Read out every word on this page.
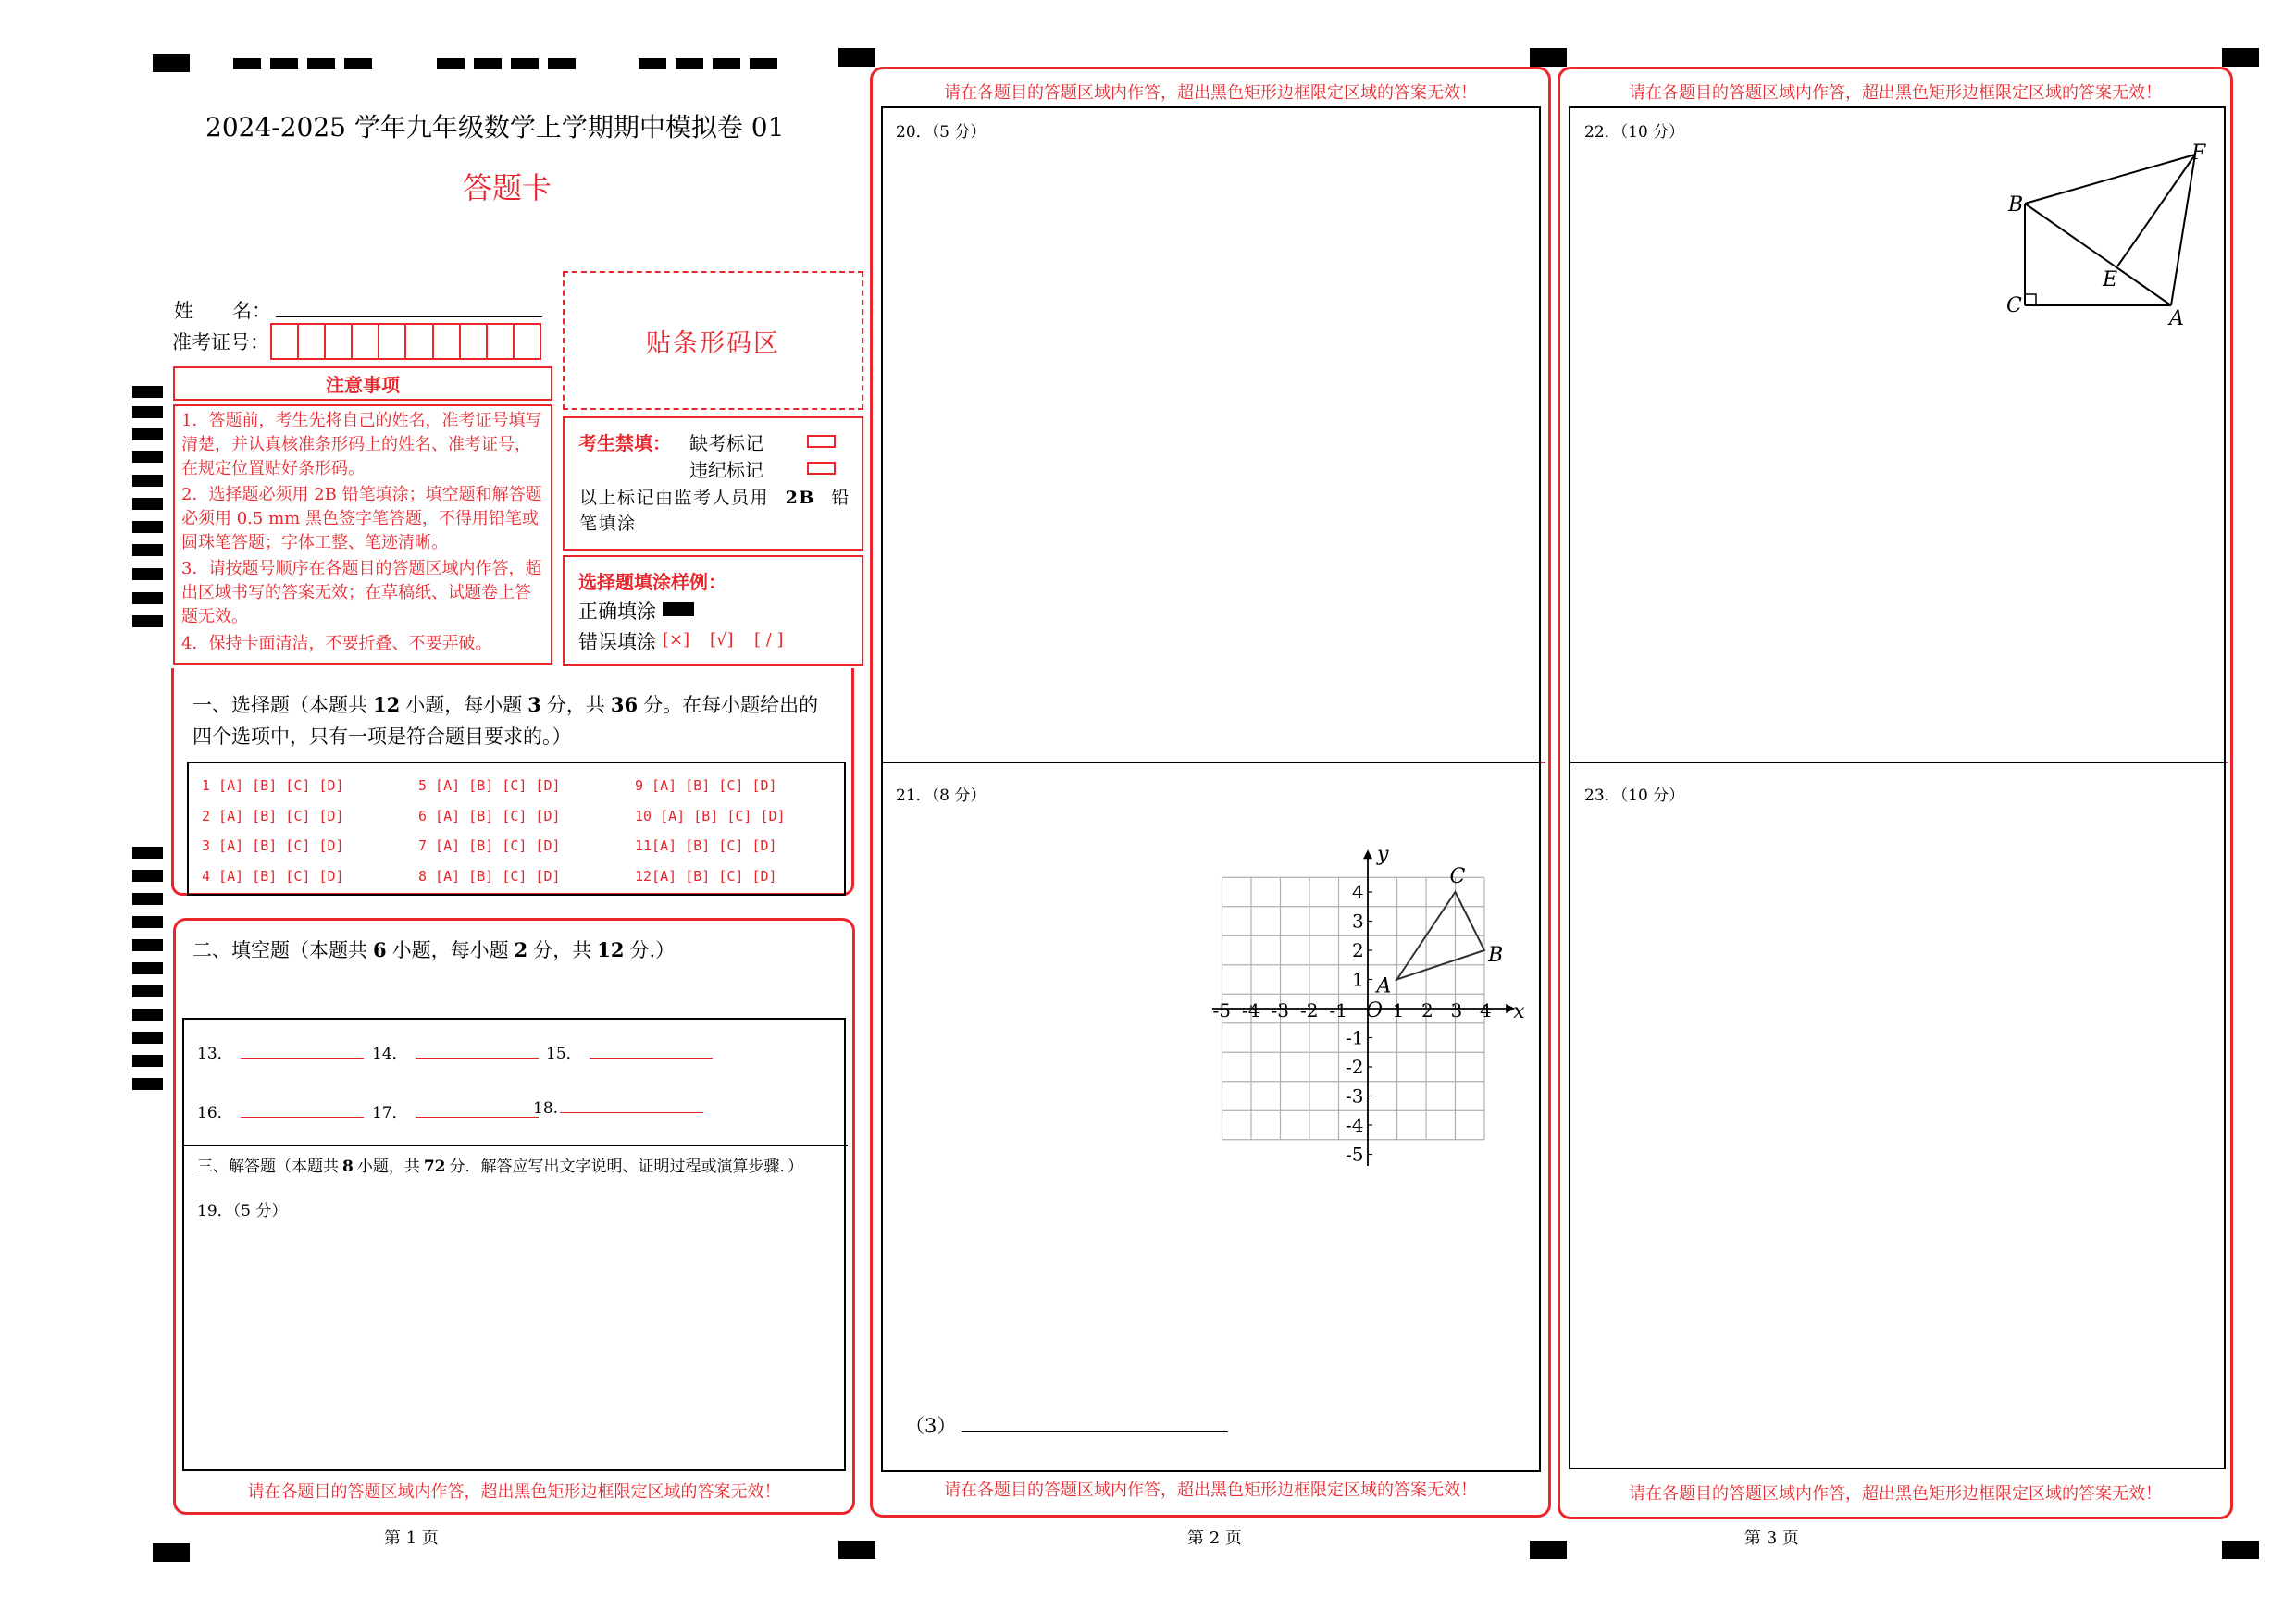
2024-2025 学年九年级数学上学期期中模拟卷 01
答题卡
姓　　名：
准考证号：	贴条形码区
注意事项
1．答题前，考生先将自己的姓名，准考证号填写清楚，并认真核准条形码上的姓名、准考证号，在规定位置贴好条形码。
2．选择题必须用 2B 铅笔填涂；填空题和解答题必须用 0.5 mm 黑色签字笔答题，不得用铅笔或圆珠笔答题；字体工整、笔迹清晰。
3．请按题号顺序在各题目的答题区域内作答，超出区域书写的答案无效；在草稿纸、试题卷上答题无效。
4．保持卡面清洁，不要折叠、不要弄破。
考生禁填： 缺考标记
违纪标记
以上标记由监考人员用 2B 铅
笔填涂
选择题填涂样例：
正确填涂
错误填涂 [×] [√] [ / ]
一、选择题（本题共 12 小题，每小题 3 分，共 36 分。在每小题给出的
四个选项中，只有一项是符合题目要求的。）
1 [A] [B] [C] [D]
2 [A] [B] [C] [D]
3 [A] [B] [C] [D]
4 [A] [B] [C] [D]
5 [A] [B] [C] [D]
6 [A] [B] [C] [D]
7 [A] [B] [C] [D]
8 [A] [B] [C] [D]
9 [A] [B] [C] [D]
10 [A] [B] [C] [D]
11[A] [B] [C] [D]
12[A] [B] [C] [D]
二、填空题（本题共 6 小题，每小题 2 分，共 12 分.）
13．	14．	15．
16．	17．	18.
三、解答题（本题共 8 小题，共 72 分．解答应写出文字说明、证明过程或演算步骤．）
19．（5 分）
请在各题目的答题区域内作答，超出黑色矩形边框限定区域的答案无效！
第 1 页
请在各题目的答题区域内作答，超出黑色矩形边框限定区域的答案无效！
20．（5 分）
21．（8 分）
-5 -4 -3 -2 -1 1 2 3 4
4
3
2
1
-1
-2
-3
-4
-5
O	x
y
A
B
C
（3）
请在各题目的答题区域内作答，超出黑色矩形边框限定区域的答案无效！
第 2 页
请在各题目的答题区域内作答，超出黑色矩形边框限定区域的答案无效！
22．（10 分）
23．（10 分）
B
F
E
C
A
请在各题目的答题区域内作答，超出黑色矩形边框限定区域的答案无效！
第 3 页
